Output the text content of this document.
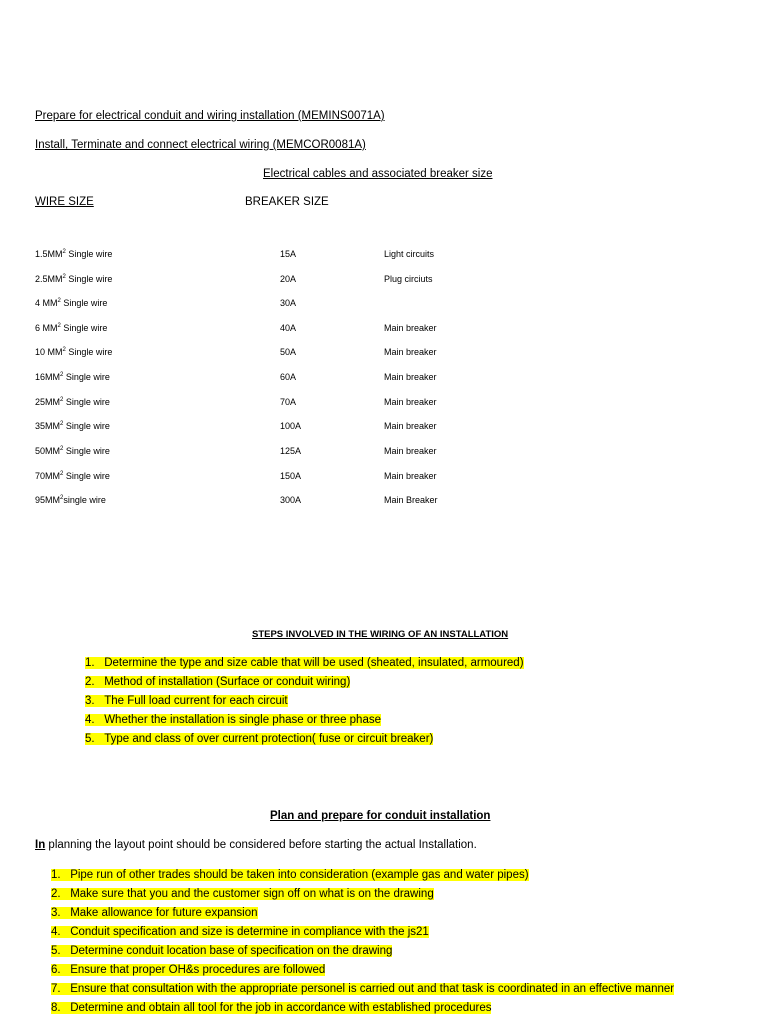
Prepare for electrical conduit and wiring installation (MEMINS0071A)
Install, Terminate and connect electrical wiring (MEMCOR0081A)
Electrical cables and associated breaker size
WIRE SIZE	BREAKER SIZE
$1.5MM^2$ Single wire	15A	Light circuits
$2.5MM^2$ Single wire	20A	Plug circiuts
4 $MM^2$ Single wire	30A
6 $MM^2$ Single wire	40A	Main breaker
10 $MM^2$ Single wire	50A	Main breaker
$16MM^2$ Single wire	60A	Main breaker
$25MM^2$ Single wire	70A	Main breaker
$35MM^2$ Single wire	100A	Main breaker
$50MM^2$ Single wire	125A	Main breaker
$70MM^2$ Single wire	150A	Main breaker
$95MM^2single$ wire	300A	Main Breaker
STEPS INVOLVED IN THE WIRING OF AN INSTALLATION
1. Determine the type and size cable that will be used (sheated, insulated, armoured)
2. Method of installation (Surface or conduit wiring)
3. The Full load current for each circuit
4. Whether the installation is single phase or three phase
5. Type and class of over current protection( fuse or circuit breaker)
Plan and prepare for conduit installation
In planning the layout point should be considered before starting the actual Installation.
1. Pipe run of other trades should be taken into consideration (example gas and water pipes)
2. Make sure that you and the customer sign off on what is on the drawing
3. Make allowance for future expansion
4. Conduit specification and size is determine in compliance with the js21
5. Determine conduit location base of specification on the drawing
6. Ensure that proper OH&s procedures are followed
7. Ensure that consultation with the appropriate personel is carried out and that task is coordinated in an effective manner
8. Determine and obtain all tool for the job in accordance with established procedures
